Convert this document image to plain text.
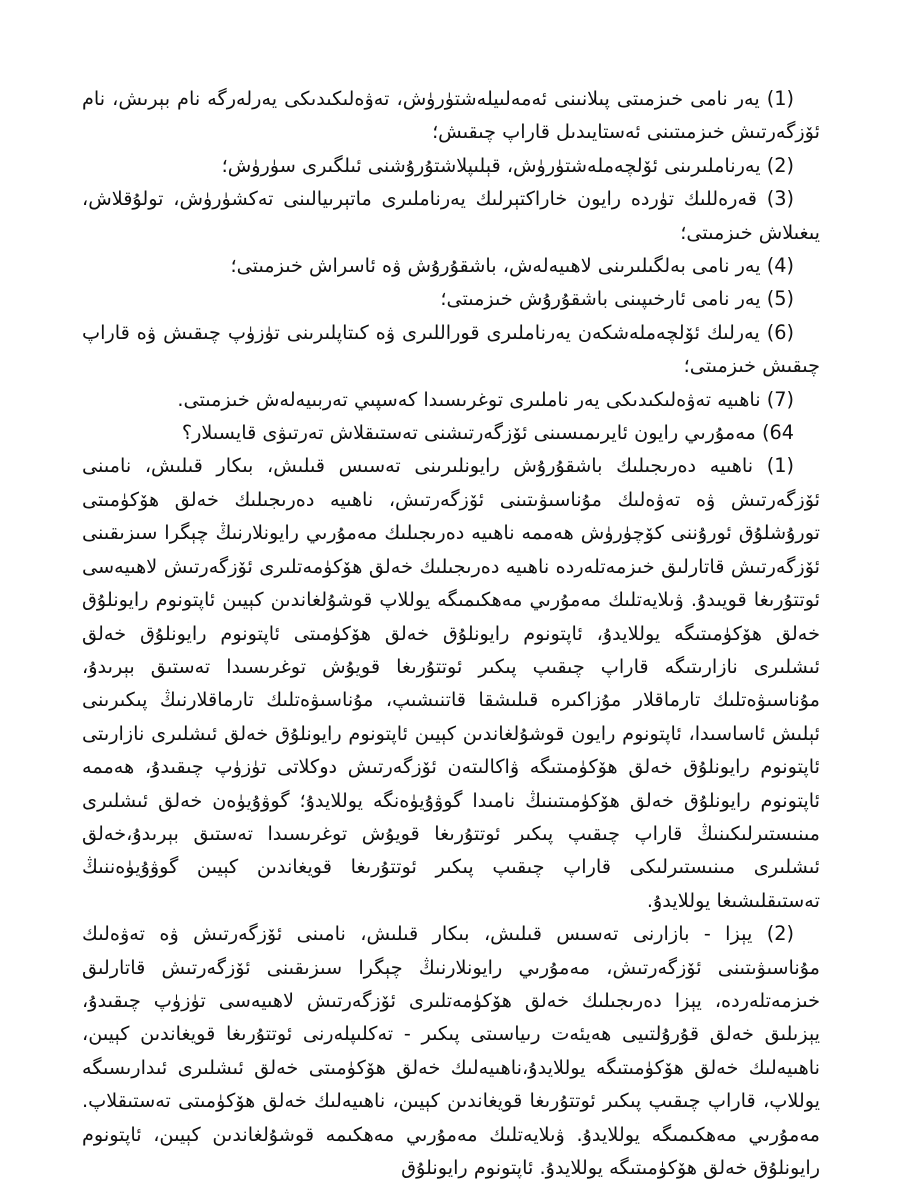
(1) يەر نامى خىزمىتى پىلانىنى ئەمەلىيلەشتۈرۈش، تەۋەلىكىدىكى يەرلەرگە نام بېرىش، نام ئۆزگەرتىش خىزمىتىنى ئەستايىدىل قاراپ چىقىش؛

(2) يەرناملىرىنى ئۆلچەملەشتۈرۈش، قېلىپلاشتۇرۇشنى ئىلگىرى سۈرۈش؛

(3) قەرەللىك تۈردە رايون خاراكتېرلىك يەرناملىرى ماتېرىيالىنى تەكشۈرۈش، تولۇقلاش، يىغىلاش خىزمىتى؛

(4) يەر نامى بەلگىلىرىنى لاھىيەلەش، باشقۇرۇش ۋە ئاسراش خىزمىتى؛

(5) يەر نامى ئارخىپىنى باشقۇرۇش خىزمىتى؛

(6) يەرلىك ئۆلچەملەشكەن يەرناملىرى قوراللىرى ۋە كىتاپلىرىنى تۈزۈپ چىقىش ۋە قاراپ چىقىش خىزمىتى؛

(7) ناھىيە تەۋەلىكىدىكى يەر ناملىرى توغرىسىدا كەسپىي تەربىيەلەش خىزمىتى.

64) مەمۇرىي رايون ئايرىمىسىنى ئۆزگەرتىشنى تەستىقلاش تەرتىۋى قايسىلار؟

(1) ناھىيە دەرىجىلىك باشقۇرۇش رايونلىرىنى تەسىس قىلىش، بىكار قىلىش، نامىنى ئۆزگەرتىش ۋە تەۋەلىك مۇناسىۋىتىنى ئۆزگەرتىش، ناھىيە دەرىجىلىك خەلق ھۆكۈمىتى تورۇشلۇق ئورۇننى كۆچۈرۈش ھەممە ناھىيە دەرىجىلىك مەمۇرىي رايونلارنىڭ چېگرا سىزىقىنى ئۆزگەرتىش قاتارلىق خىزمەتلەردە ناھىيە دەرىجىلىك خەلق ھۆكۈمەتلىرى ئۆزگەرتىش لاھىيەسى ئوتتۇرىغا قويىدۇ. ۋىلايەتلىك مەمۇرىي مەھكىمىگە يوللاپ قوشۇلغاندىن كېيىن ئاپتونوم رايونلۇق خەلق ھۆكۈمىتىگە يوللايدۇ، ئاپتونوم رايونلۇق خەلق ھۆكۈمىتى ئاپتونوم رايونلۇق خەلق ئىشلىرى نازارىتىگە قاراپ چىقىپ پىكىر ئوتتۇرىغا قويۇش توغرىسىدا تەستىق بېرىدۇ، مۇناسىۋەتلىك تارماقلار مۇزاكىرە قىلىشقا قاتنىشىپ، مۇناسىۋەتلىك تارماقلارنىڭ پىكىرىنى ئېلىش ئاساسىدا، ئاپتونوم رايون قوشۇلغاندىن كېيىن ئاپتونوم رايونلۇق خەلق ئىشلىرى نازارىتى ئاپتونوم رايونلۇق خەلق ھۆكۈمىتىگە ۋاكالىتەن ئۆزگەرتىش دوكلاتى تۈزۈپ چىقىدۇ، ھەممە ئاپتونوم رايونلۇق خەلق ھۆكۈمىتىنىڭ نامىدا گوۋۇيۈەنگە يوللايدۇ؛ گوۋۇيۈەن خەلق ئىشلىرى مىنىستىرلىكىنىڭ قاراپ چىقىپ پىكىر ئوتتۇرىغا قويۇش توغرىسىدا تەستىق بېرىدۇ،خەلق ئىشلىرى مىنىستىرلىكى قاراپ چىقىپ پىكىر ئوتتۇرىغا قويغاندىن كېيىن گوۋۇيۈەننىڭ تەستىقلىشىغا يوللايدۇ.

(2) يېزا - بازارنى تەسىس قىلىش، بىكار قىلىش، نامىنى ئۆزگەرتىش ۋە تەۋەلىك مۇناسىۋىتىنى ئۆزگەرتىش، مەمۇرىي رايونلارنىڭ چېگرا سىزىقىنى ئۆزگەرتىش قاتارلىق خىزمەتلەردە، يېزا دەرىجىلىك خەلق ھۆكۈمەتلىرى ئۆزگەرتىش لاھىيەسى تۈزۈپ چىقىدۇ، يېزىلىق خەلق قۇرۇلتىيى ھەيئەت رىياسىتى پىكىر - تەكلىپلەرنى ئوتتۇرىغا قويغاندىن كېيىن، ناھىيەلىك خەلق ھۆكۈمىتىگە يوللايدۇ،ناھىيەلىك خەلق ھۆكۈمىتى خەلق ئىشلىرى ئىدارىسىگە يوللاپ، قاراپ چىقىپ پىكىر ئوتتۇرىغا قويغاندىن كېيىن، ناھىيەلىك خەلق ھۆكۈمىتى تەستىقلاپ. مەمۇرىي مەھكىمىگە يوللايدۇ. ۋىلايەتلىك مەمۇرىي مەھكىمە قوشۇلغاندىن كېيىن، ئاپتونوم رايونلۇق خەلق ھۆكۈمىتىگە يوللايدۇ. ئاپتونوم رايونلۇق
